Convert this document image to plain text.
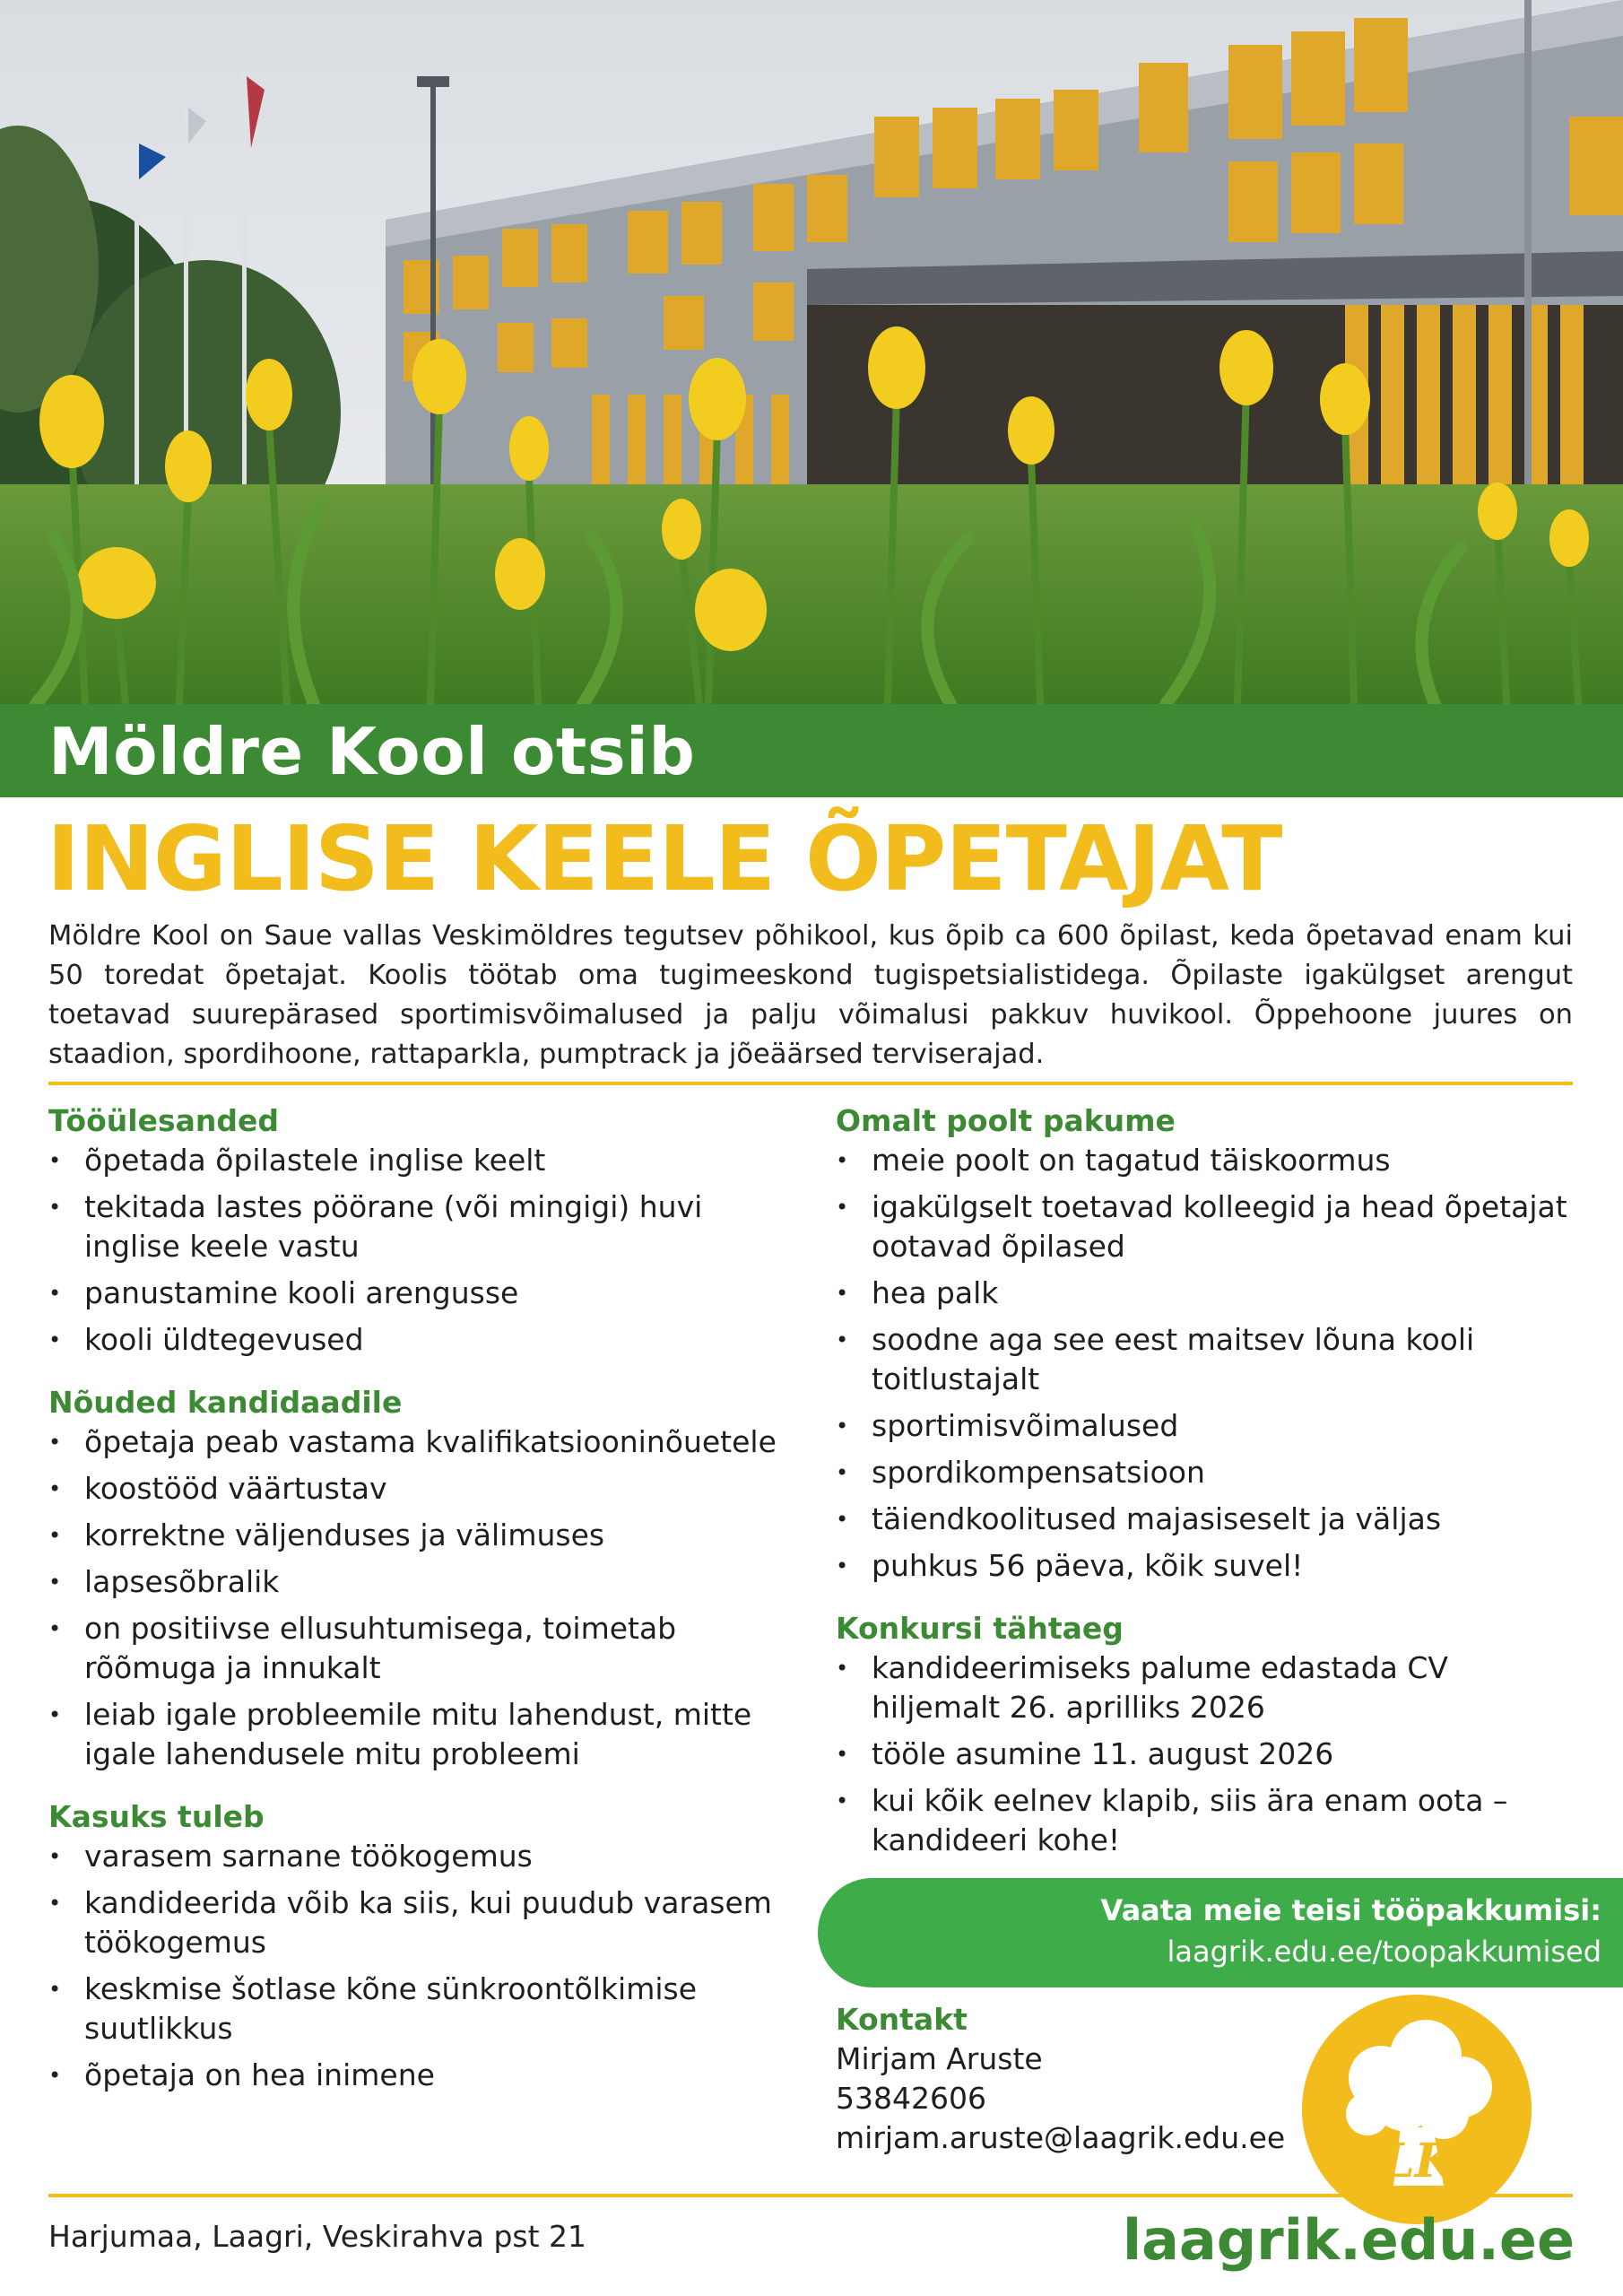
Möldre Kool otsib
INGLISE KEELE ÕPETAJAT

Möldre Kool on Saue vallas Veskimöldres tegutsev põhikool, kus õpib ca 600 õpilast, keda õpetavad enam kui 50 toredat õpetajat. Koolis töötab oma tugimeeskond tugispetsialistidega. Õpilaste igakülgset arengut toetavad suurepärased sportimisvõimalused ja palju võimalusi pakkuv huvikool. Õppehoone juures on staadion, spordihoone, rattaparkla, pumptrack ja jõeäärsed terviserajad.

Tööülesanded
• õpetada õpilastele inglise keelt
• tekitada lastes pöörane (või mingigi) huvi inglise keele vastu
• panustamine kooli arengusse
• kooli üldtegevused
Nõuded kandidaadile
• õpetaja peab vastama kvalifikatsiooninõuetele
• koostööd väärtustav
• korrektne väljenduses ja välimuses
• lapsesõbralik
• on positiivse ellusuhtumisega, toimetab rõõmuga ja innukalt
• leiab igale probleemile mitu lahendust, mitte igale lahendusele mitu probleemi
Kasuks tuleb
• varasem sarnane töökogemus
• kandideerida võib ka siis, kui puudub varasem töökogemus
• keskmise šotlase kõne sünkroontõlkimise suutlikkus
• õpetaja on hea inimene
Omalt poolt pakume
• meie poolt on tagatud täiskoormus
• igakülgselt toetavad kolleegid ja head õpetajat ootavad õpilased
• hea palk
• soodne aga see eest maitsev lõuna kooli toitlustajalt
• sportimisvõimalused
• spordikompensatsioon
• täiendkoolitused majasiseselt ja väljas
• puhkus 56 päeva, kõik suvel!
Konkursi tähtaeg
• kandideerimiseks palume edastada CV hiljemalt 26. aprilliks 2026
• tööle asumine 11. august 2026
• kui kõik eelnev klapib, siis ära enam oota – kandideeri kohe!
Vaata meie teisi tööpakkumisi:
laagrik.edu.ee/toopakkumised
Kontakt
Mirjam Aruste
53842606
mirjam.aruste@laagrik.edu.ee	LK
Harjumaa, Laagri, Veskirahva pst 21	laagrik.edu.ee
